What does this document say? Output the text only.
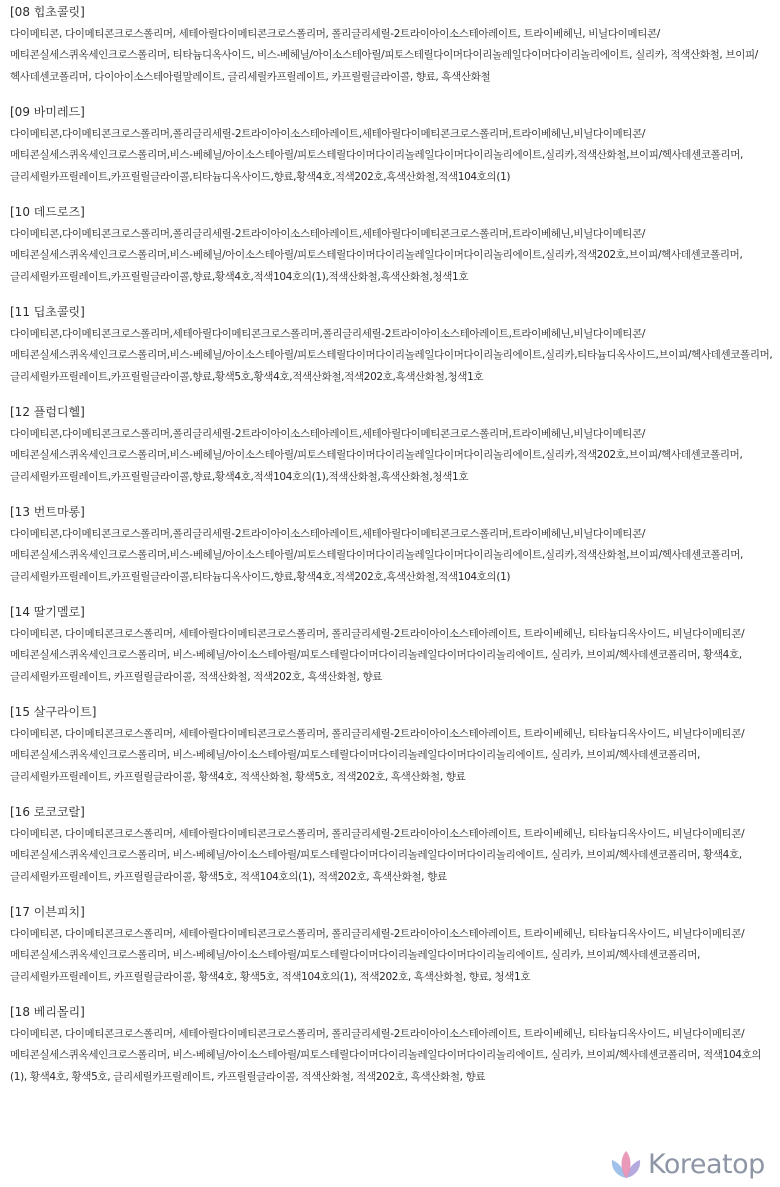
[08 힙초콜릿]

다이메티콘, 다이메티콘크로스폴리머, 세테아릴다이메티콘크로스폴리머, 폴리글리세릴-2트라이아이소스테아레이트, 트라이베헤닌, 비닐다이메티콘/메티콘실세스퀴옥세인크로스폴리머, 티타늄디옥사이드, 비스-베헤닐/아이소스테아릴/피토스테릴다이머다이리놀레일다이머다이리놀리에이트, 실리카, 적색산화철, 브이피/헥사데센코폴리머, 다이아이소스테아릴말레이트, 글리세릴카프릴레이트, 카프릴릴글라이콜, 향료, 흑색산화철

[09 바미레드]

다이메티콘,다이메티콘크로스폴리머,폴리글리세릴-2트라이아이소스테아레이트,세테아릴다이메티콘크로스폴리머,트라이베헤닌,비닐다이메티콘/메티콘실세스퀴옥세인크로스폴리머,비스-베헤닐/아이소스테아릴/피토스테릴다이머다이리놀레일다이머다이리놀리에이트,실리카,적색산화철,브이피/헥사데센코폴리머,글리세릴카프릴레이트,카프릴릴글라이콜,티타늄디옥사이드,향료,황색4호,적색202호,흑색산화철,적색104호의(1)

[10 데드로즈]

다이메티콘,다이메티콘크로스폴리머,폴리글리세릴-2트라이아이소스테아레이트,세테아릴다이메티콘크로스폴리머,트라이베헤닌,비닐다이메티콘/메티콘실세스퀴옥세인크로스폴리머,비스-베헤닐/아이소스테아릴/피토스테릴다이머다이리놀레일다이머다이리놀리에이트,실리카,적색202호,브이피/헥사데센코폴리머,글리세릴카프릴레이트,카프릴릴글라이콜,향료,황색4호,적색104호의(1),적색산화철,흑색산화철,청색1호

[11 딥초콜릿]

다이메티콘,다이메티콘크로스폴리머,세테아릴다이메티콘크로스폴리머,폴리글리세릴-2트라이아이소스테아레이트,트라이베헤닌,비닐다이메티콘/메티콘실세스퀴옥세인크로스폴리머,비스-베헤닐/아이소스테아릴/피토스테릴다이머다이리놀레일다이머다이리놀리에이트,실리카,티타늄디옥사이드,브이피/헥사데센코폴리머,글리세릴카프릴레이트,카프릴릴글라이콜,향료,황색5호,황색4호,적색산화철,적색202호,흑색산화철,청색1호

[12 플럼디헬]

다이메티콘,다이메티콘크로스폴리머,폴리글리세릴-2트라이아이소스테아레이트,세테아릴다이메티콘크로스폴리머,트라이베헤닌,비닐다이메티콘/메티콘실세스퀴옥세인크로스폴리머,비스-베헤닐/아이소스테아릴/피토스테릴다이머다이리놀레일다이머다이리놀리에이트,실리카,적색202호,브이피/헥사데센코폴리머,글리세릴카프릴레이트,카프릴릴글라이콜,향료,황색4호,적색104호의(1),적색산화철,흑색산화철,청색1호

[13 번트마롱]

다이메티콘,다이메티콘크로스폴리머,폴리글리세릴-2트라이아이소스테아레이트,세테아릴다이메티콘크로스폴리머,트라이베헤닌,비닐다이메티콘/메티콘실세스퀴옥세인크로스폴리머,비스-베헤닐/아이소스테아릴/피토스테릴다이머다이리놀레일다이머다이리놀리에이트,실리카,적색산화철,브이피/헥사데센코폴리머,글리세릴카프릴레이트,카프릴릴글라이콜,티타늄디옥사이드,향료,황색4호,적색202호,흑색산화철,적색104호의(1)

[14 딸기멜로]

다이메티콘, 다이메티콘크로스폴리머, 세테아릴다이메티콘크로스폴리머, 폴리글리세릴-2트라이아이소스테아레이트, 트라이베헤닌, 티타늄디옥사이드, 비닐다이메티콘/메티콘실세스퀴옥세인크로스폴리머, 비스-베헤닐/아이소스테아릴/피토스테릴다이머다이리놀레일다이머다이리놀리에이트, 실리카, 브이피/헥사데센코폴리머, 황색4호, 글리세릴카프릴레이트, 카프릴릴글라이콜, 적색산화철, 적색202호, 흑색산화철, 향료

[15 살구라이트]

다이메티콘, 다이메티콘크로스폴리머, 세테아릴다이메티콘크로스폴리머, 폴리글리세릴-2트라이아이소스테아레이트, 트라이베헤닌, 티타늄디옥사이드, 비닐다이메티콘/메티콘실세스퀴옥세인크로스폴리머, 비스-베헤닐/아이소스테아릴/피토스테릴다이머다이리놀레일다이머다이리놀리에이트, 실리카, 브이피/헥사데센코폴리머, 글리세릴카프릴레이트, 카프릴릴글라이콜, 황색4호, 적색산화철, 황색5호, 적색202호, 흑색산화철, 향료

[16 로코코랄]

다이메티콘, 다이메티콘크로스폴리머, 세테아릴다이메티콘크로스폴리머, 폴리글리세릴-2트라이아이소스테아레이트, 트라이베헤닌, 티타늄디옥사이드, 비닐다이메티콘/메티콘실세스퀴옥세인크로스폴리머, 비스-베헤닐/아이소스테아릴/피토스테릴다이머다이리놀레일다이머다이리놀리에이트, 실리카, 브이피/헥사데센코폴리머, 황색4호, 글리세릴카프릴레이트, 카프릴릴글라이콜, 황색5호, 적색104호의(1), 적색202호, 흑색산화철, 향료

[17 이븐피치]

다이메티콘, 다이메티콘크로스폴리머, 세테아릴다이메티콘크로스폴리머, 폴리글리세릴-2트라이아이소스테아레이트, 트라이베헤닌, 티타늄디옥사이드, 비닐다이메티콘/메티콘실세스퀴옥세인크로스폴리머, 비스-베헤닐/아이소스테아릴/피토스테릴다이머다이리놀레일다이머다이리놀리에이트, 실리카, 브이피/헥사데센코폴리머, 글리세릴카프릴레이트, 카프릴릴글라이콜, 황색4호, 황색5호, 적색104호의(1), 적색202호, 흑색산화철, 향료, 청색1호

[18 베리몰리]

다이메티콘, 다이메티콘크로스폴리머, 세테아릴다이메티콘크로스폴리머, 폴리글리세릴-2트라이아이소스테아레이트, 트라이베헤닌, 티타늄디옥사이드, 비닐다이메티콘/메티콘실세스퀴옥세인크로스폴리머, 비스-베헤닐/아이소스테아릴/피토스테릴다이머다이리놀레일다이머다이리놀리에이트, 실리카, 브이피/헥사데센코폴리머, 적색104호의(1), 황색4호, 황색5호, 글리세릴카프릴레이트, 카프릴릴글라이콜, 적색산화철, 적색202호, 흑색산화철, 향료

Koreatop
